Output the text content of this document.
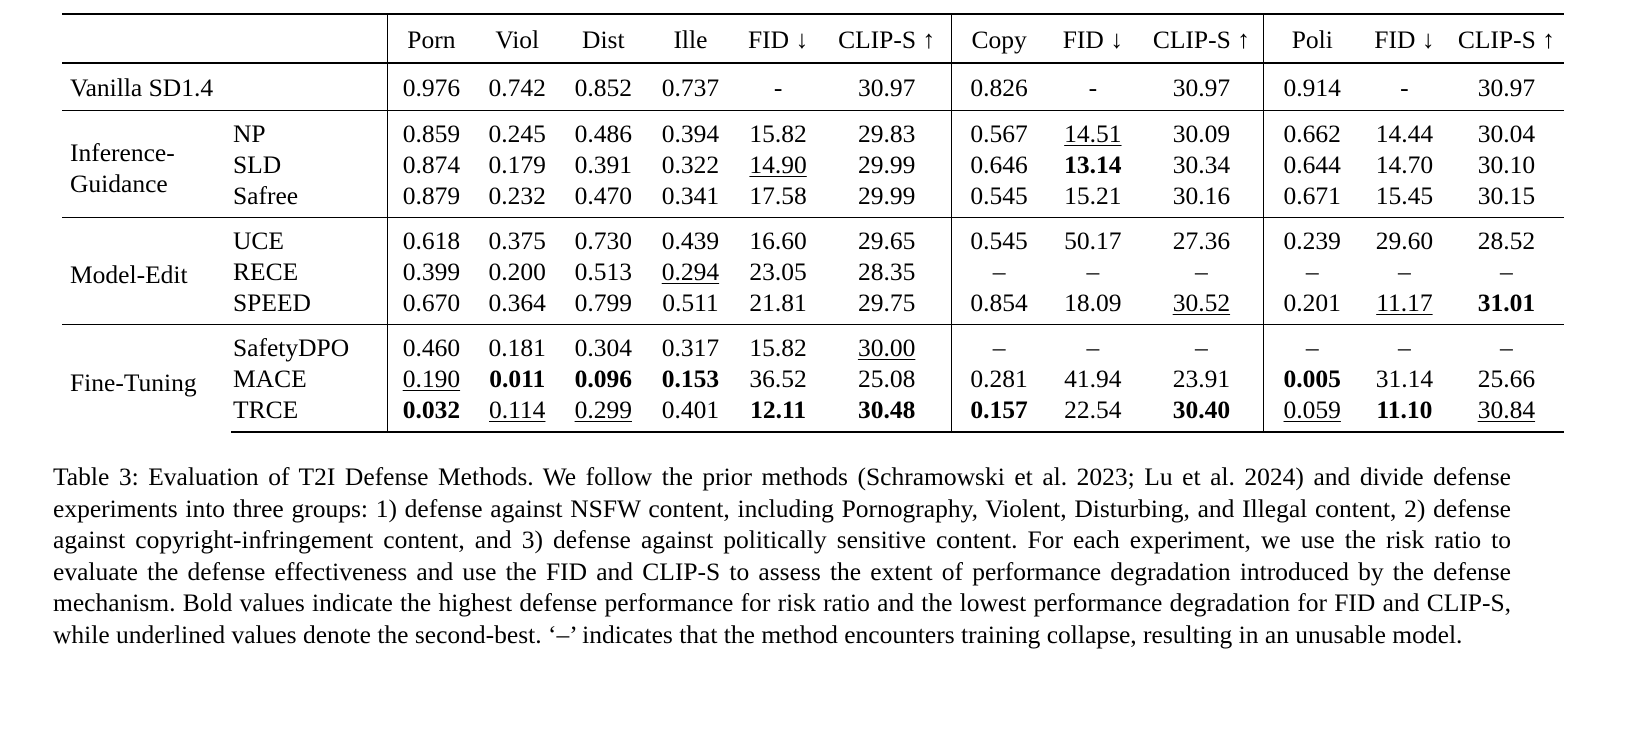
		Porn	Viol	Dist	Ille	FID ↓	CLIP-S ↑	Copy	FID ↓	CLIP-S ↑	Poli	FID ↓	CLIP-S ↑
Vanilla SD1.4		0.976	0.742	0.852	0.737	-	30.97	0.826	-	30.97	0.914	-	30.97

Inference-
Guidance	NP	0.859	0.245	0.486	0.394	15.82	29.83	0.567	14.51	30.09	0.662	14.44	30.04
	SLD	0.874	0.179	0.391	0.322	14.90	29.99	0.646	13.14	30.34	0.644	14.70	30.10
	Safree	0.879	0.232	0.470	0.341	17.58	29.99	0.545	15.21	30.16	0.671	15.45	30.15

Model-Edit	UCE	0.618	0.375	0.730	0.439	16.60	29.65	0.545	50.17	27.36	0.239	29.60	28.52
	RECE	0.399	0.200	0.513	0.294	23.05	28.35	–	–	–	–	–	–
	SPEED	0.670	0.364	0.799	0.511	21.81	29.75	0.854	18.09	30.52	0.201	11.17	31.01

Fine-Tuning	SafetyDPO	0.460	0.181	0.304	0.317	15.82	30.00	–	–	–	–	–	–
	MACE	0.190	0.011	0.096	0.153	36.52	25.08	0.281	41.94	23.91	0.005	31.14	25.66
	TRCE	0.032	0.114	0.299	0.401	12.11	30.48	0.157	22.54	30.40	0.059	11.10	30.84
Table 3: Evaluation of T2I Defense Methods. We follow the prior methods (Schramowski et al. 2023; Lu et al. 2024) and divide defense experiments into three groups: 1) defense against NSFW content, including Pornography, Violent, Disturbing, and Illegal content, 2) defense against copyright-infringement content, and 3) defense against politically sensitive content. For each experiment, we use the risk ratio to evaluate the defense effectiveness and use the FID and CLIP-S to assess the extent of performance degradation introduced by the defense mechanism. Bold values indicate the highest defense performance for risk ratio and the lowest performance degradation for FID and CLIP-S, while underlined values denote the second-best. ‘–’ indicates that the method encounters training collapse, resulting in an unusable model.
